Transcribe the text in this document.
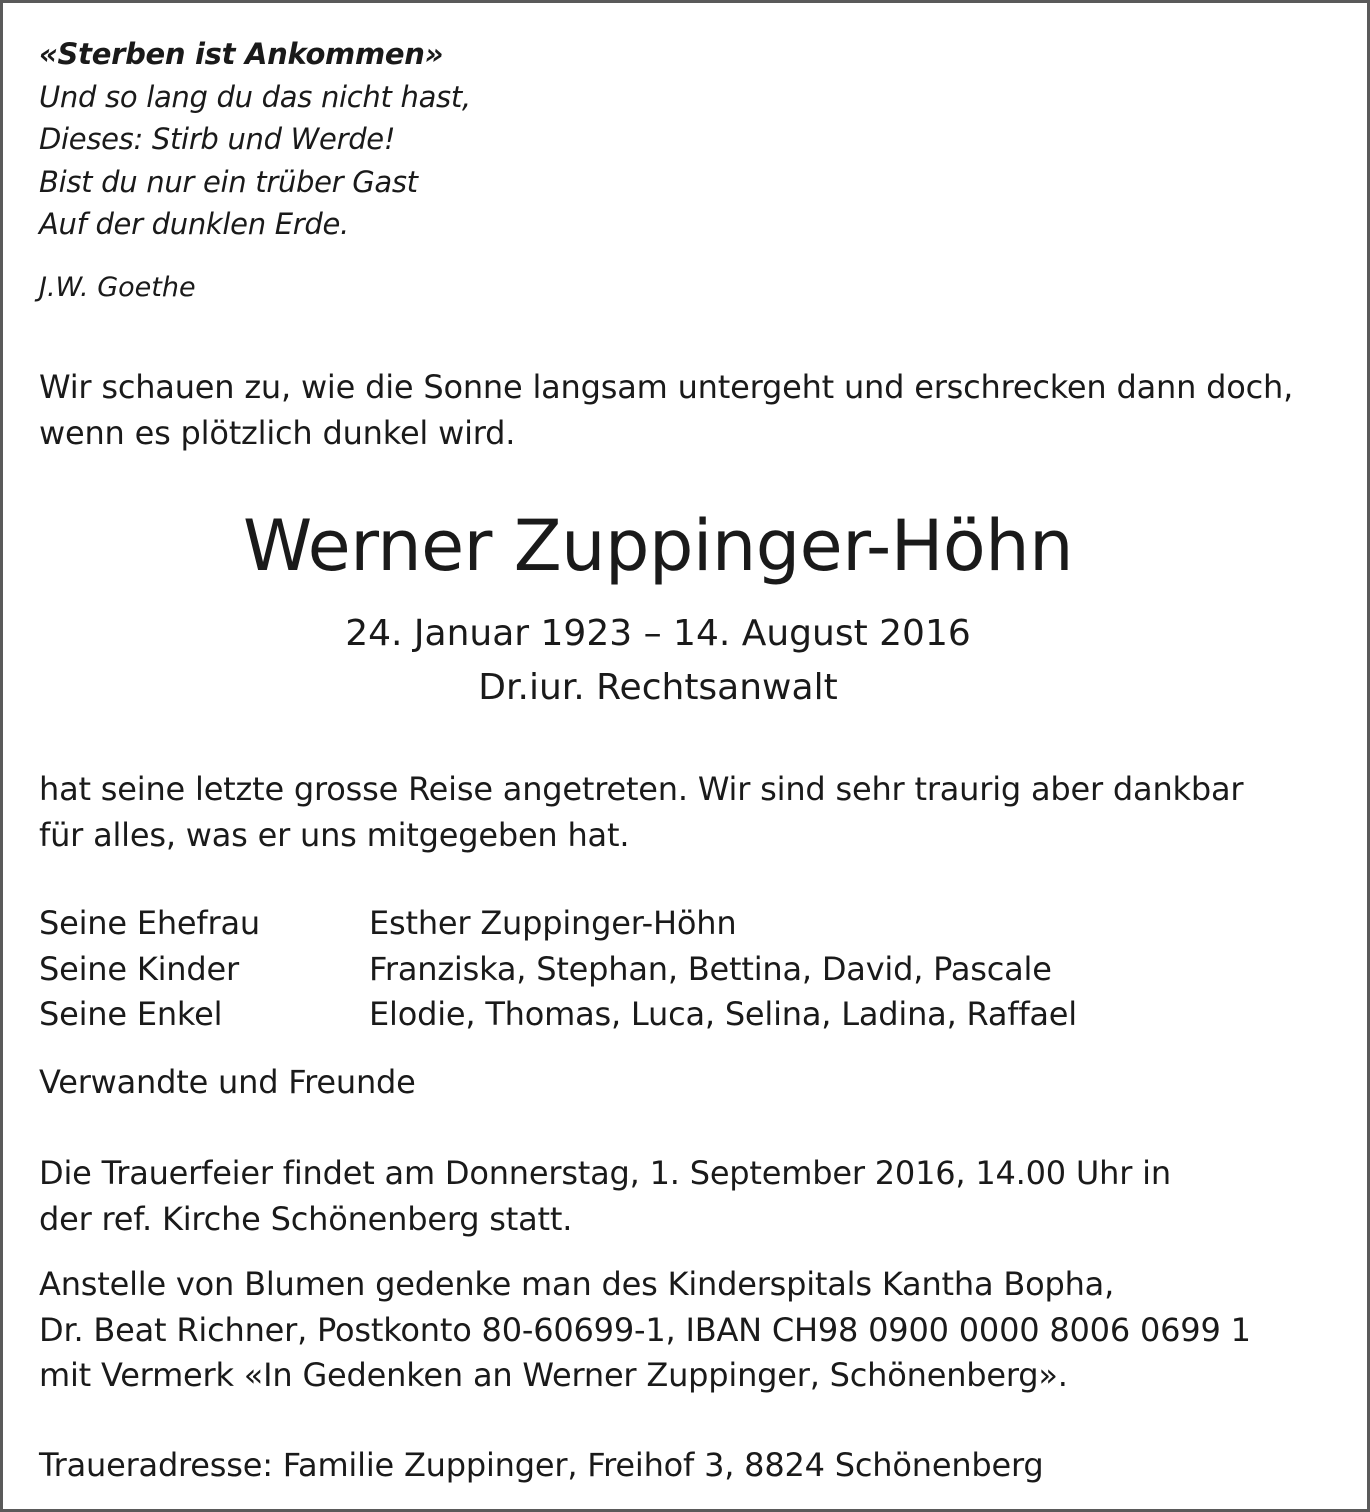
«Sterben ist Ankommen»
Und so lang du das nicht hast,
Dieses: Stirb und Werde!
Bist du nur ein trüber Gast
Auf der dunklen Erde.
J.W. Goethe
Wir schauen zu, wie die Sonne langsam untergeht und erschrecken dann doch,
wenn es plötzlich dunkel wird.
Werner Zuppinger-Höhn
24. Januar 1923 – 14. August 2016
Dr.iur. Rechtsanwalt
hat seine letzte grosse Reise angetreten. Wir sind sehr traurig aber dankbar
für alles, was er uns mitgegeben hat.
Seine Ehefrau	Esther Zuppinger-Höhn
Seine Kinder	Franziska, Stephan, Bettina, David, Pascale
Seine Enkel	Elodie, Thomas, Luca, Selina, Ladina, Raffael
Verwandte und Freunde
Die Trauerfeier findet am Donnerstag, 1. September 2016, 14.00 Uhr in
der ref. Kirche Schönenberg statt.
Anstelle von Blumen gedenke man des Kinderspitals Kantha Bopha,
Dr. Beat Richner, Postkonto 80-60699-1, IBAN CH98 0900 0000 8006 0699 1
mit Vermerk «In Gedenken an Werner Zuppinger, Schönenberg».
Traueradresse: Familie Zuppinger, Freihof 3, 8824 Schönenberg
